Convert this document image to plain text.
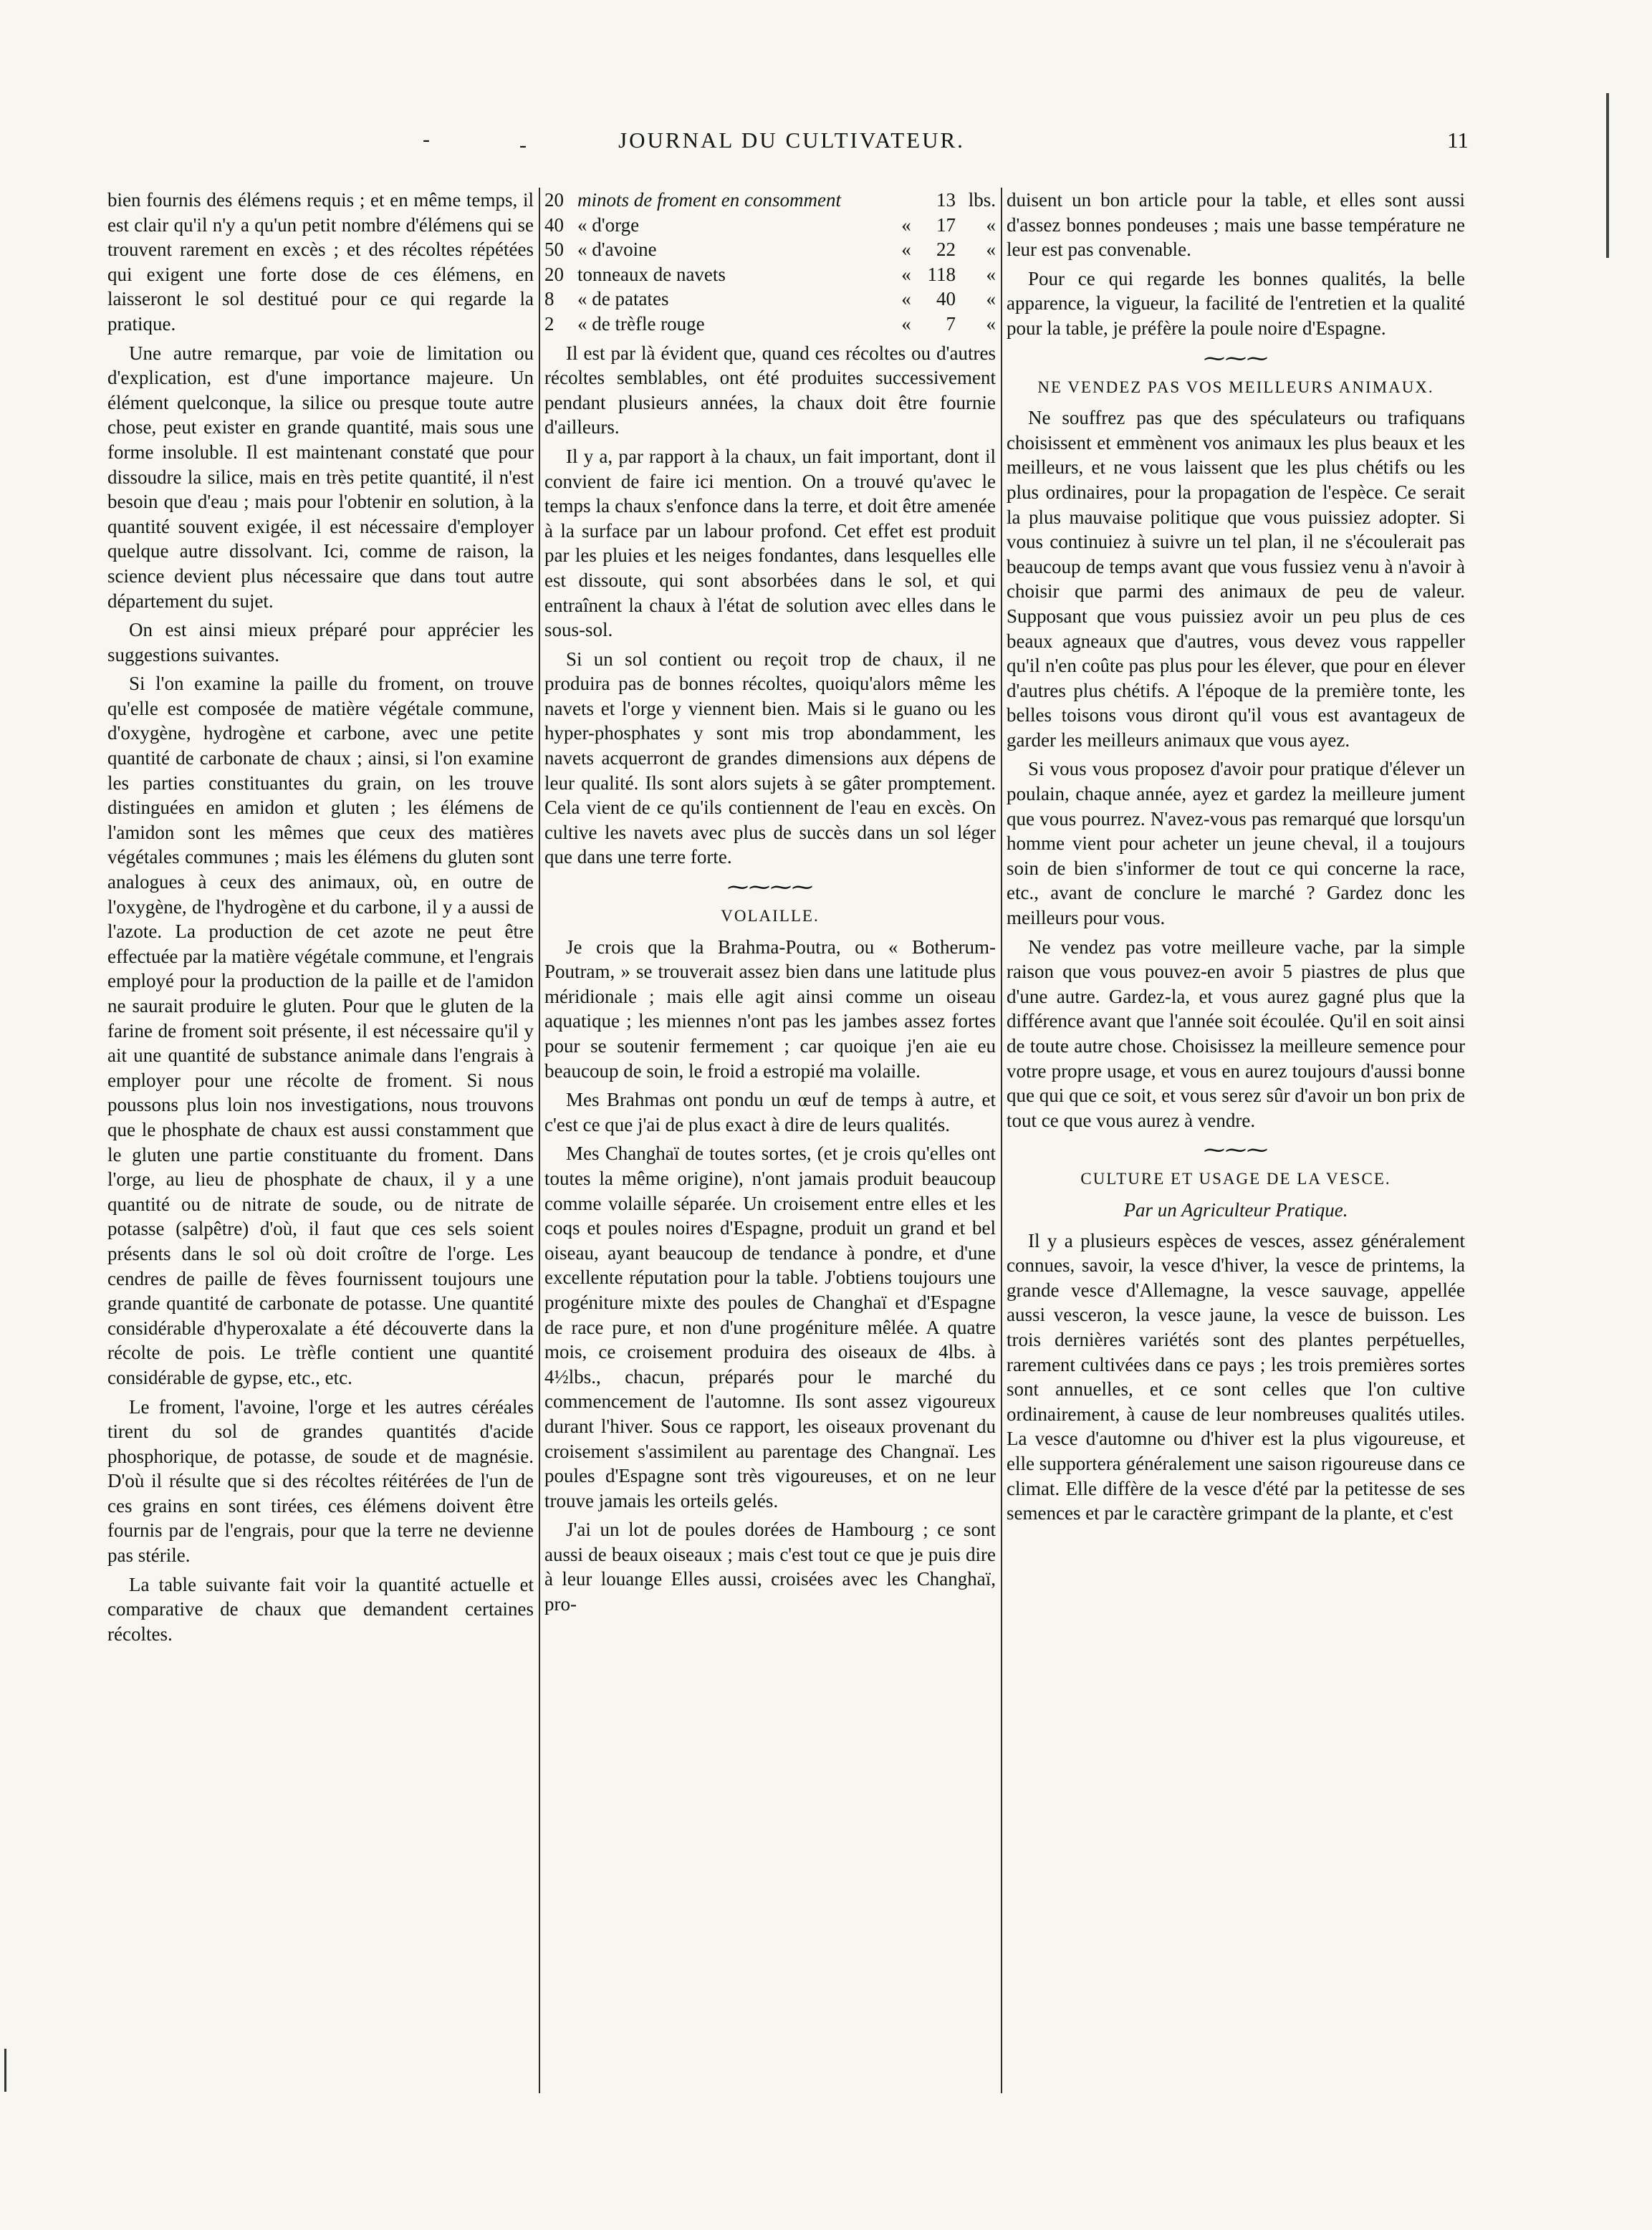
-	-	JOURNAL DU CULTIVATEUR.	11

bien fournis des élémens requis ; et en même temps, il est clair qu'il n'y a qu'un petit nombre d'élémens qui se trouvent rarement en excès ; et des récoltes répétées qui exigent une forte dose de ces élémens, en laisseront le sol destitué pour ce qui regarde la pratique.

Une autre remarque, par voie de limitation ou d'explication, est d'une importance majeure. Un élément quelconque, la silice ou presque toute autre chose, peut exister en grande quantité, mais sous une forme insoluble. Il est maintenant constaté que pour dissoudre la silice, mais en très petite quantité, il n'est besoin que d'eau ; mais pour l'obtenir en solution, à la quantité souvent exigée, il est nécessaire d'employer quelque autre dissolvant. Ici, comme de raison, la science devient plus nécessaire que dans tout autre département du sujet.

On est ainsi mieux préparé pour apprécier les suggestions suivantes.

Si l'on examine la paille du froment, on trouve qu'elle est composée de matière végétale commune, d'oxygène, hydrogène et carbone, avec une petite quantité de carbonate de chaux ; ainsi, si l'on examine les parties constituantes du grain, on les trouve distinguées en amidon et gluten ; les élémens de l'amidon sont les mêmes que ceux des matières végétales communes ; mais les élémens du gluten sont analogues à ceux des animaux, où, en outre de l'oxygène, de l'hydrogène et du carbone, il y a aussi de l'azote. La production de cet azote ne peut être effectuée par la matière végétale commune, et l'engrais employé pour la production de la paille et de l'amidon ne saurait produire le gluten. Pour que le gluten de la farine de froment soit présente, il est nécessaire qu'il y ait une quantité de substance animale dans l'engrais à employer pour une récolte de froment. Si nous poussons plus loin nos investigations, nous trouvons que le phosphate de chaux est aussi constamment que le gluten une partie constituante du froment. Dans l'orge, au lieu de phosphate de chaux, il y a une quantité ou de nitrate de soude, ou de nitrate de potasse (salpêtre) d'où, il faut que ces sels soient présents dans le sol où doit croître de l'orge. Les cendres de paille de fèves fournissent toujours une grande quantité de carbonate de potasse. Une quantité considérable d'hyperoxalate a été découverte dans la récolte de pois. Le trèfle contient une quantité considérable de gypse, etc., etc.

Le froment, l'avoine, l'orge et les autres céréales tirent du sol de grandes quantités d'acide phosphorique, de potasse, de soude et de magnésie. D'où il résulte que si des récoltes réitérées de l'un de ces grains en sont tirées, ces élémens doivent être fournis par de l'engrais, pour que la terre ne devienne pas stérile.

La table suivante fait voir la quantité actuelle et comparative de chaux que demandent certaines récoltes.

20	minots de froment en consomment		13	lbs.
40	« d'orge	«	17	«
50	« d'avoine	«	22	«
20	tonneaux de navets	«	118	«
8	« de patates	«	40	«
2	« de trèfle rouge	«	7	«

Il est par là évident que, quand ces récoltes ou d'autres récoltes semblables, ont été produites successivement pendant plusieurs années, la chaux doit être fournie d'ailleurs.

Il y a, par rapport à la chaux, un fait important, dont il convient de faire ici mention. On a trouvé qu'avec le temps la chaux s'enfonce dans la terre, et doit être amenée à la surface par un labour profond. Cet effet est produit par les pluies et les neiges fondantes, dans lesquelles elle est dissoute, qui sont absorbées dans le sol, et qui entraînent la chaux à l'état de solution avec elles dans le sous-sol.

Si un sol contient ou reçoit trop de chaux, il ne produira pas de bonnes récoltes, quoiqu'alors même les navets et l'orge y viennent bien. Mais si le guano ou les hyper-phosphates y sont mis trop abondamment, les navets acquerront de grandes dimensions aux dépens de leur qualité. Ils sont alors sujets à se gâter promptement. Cela vient de ce qu'ils contiennent de l'eau en excès. On cultive les navets avec plus de succès dans un sol léger que dans une terre forte.

⁓⁓⁓⁓
VOLAILLE.

Je crois que la Brahma-Poutra, ou « Botherum-Poutram, » se trouverait assez bien dans une latitude plus méridionale ; mais elle agit ainsi comme un oiseau aquatique ; les miennes n'ont pas les jambes assez fortes pour se soutenir fermement ; car quoique j'en aie eu beaucoup de soin, le froid a estropié ma volaille.

Mes Brahmas ont pondu un œuf de temps à autre, et c'est ce que j'ai de plus exact à dire de leurs qualités.

Mes Changhaï de toutes sortes, (et je crois qu'elles ont toutes la même origine), n'ont jamais produit beaucoup comme volaille séparée. Un croisement entre elles et les coqs et poules noires d'Espagne, produit un grand et bel oiseau, ayant beaucoup de tendance à pondre, et d'une excellente réputation pour la table. J'obtiens toujours une progéniture mixte des poules de Changhaï et d'Espagne de race pure, et non d'une progéniture mêlée. A quatre mois, ce croisement produira des oiseaux de 4lbs. à 4½lbs., chacun, préparés pour le marché du commencement de l'automne. Ils sont assez vigoureux durant l'hiver. Sous ce rapport, les oiseaux provenant du croisement s'assimilent au parentage des Changnaï. Les poules d'Espagne sont très vigoureuses, et on ne leur trouve jamais les orteils gelés.

J'ai un lot de poules dorées de Hambourg ; ce sont aussi de beaux oiseaux ; mais c'est tout ce que je puis dire à leur louange Elles aussi, croisées avec les Changhaï, pro-

duisent un bon article pour la table, et elles sont aussi d'assez bonnes pondeuses ; mais une basse température ne leur est pas convenable.

Pour ce qui regarde les bonnes qualités, la belle apparence, la vigueur, la facilité de l'entretien et la qualité pour la table, je préfère la poule noire d'Espagne.

⁓⁓⁓
NE VENDEZ PAS VOS MEILLEURS ANIMAUX.

Ne souffrez pas que des spéculateurs ou trafiquans choisissent et emmènent vos animaux les plus beaux et les meilleurs, et ne vous laissent que les plus chétifs ou les plus ordinaires, pour la propagation de l'espèce. Ce serait la plus mauvaise politique que vous puissiez adopter. Si vous continuiez à suivre un tel plan, il ne s'écoulerait pas beaucoup de temps avant que vous fussiez venu à n'avoir à choisir que parmi des animaux de peu de valeur. Supposant que vous puissiez avoir un peu plus de ces beaux agneaux que d'autres, vous devez vous rappeller qu'il n'en coûte pas plus pour les élever, que pour en élever d'autres plus chétifs. A l'époque de la première tonte, les belles toisons vous diront qu'il vous est avantageux de garder les meilleurs animaux que vous ayez.

Si vous vous proposez d'avoir pour pratique d'élever un poulain, chaque année, ayez et gardez la meilleure jument que vous pourrez. N'avez-vous pas remarqué que lorsqu'un homme vient pour acheter un jeune cheval, il a toujours soin de bien s'informer de tout ce qui concerne la race, etc., avant de conclure le marché ? Gardez donc les meilleurs pour vous.

Ne vendez pas votre meilleure vache, par la simple raison que vous pouvez-en avoir 5 piastres de plus que d'une autre. Gardez-la, et vous aurez gagné plus que la différence avant que l'année soit écoulée. Qu'il en soit ainsi de toute autre chose. Choisissez la meilleure semence pour votre propre usage, et vous en aurez toujours d'aussi bonne que qui que ce soit, et vous serez sûr d'avoir un bon prix de tout ce que vous aurez à vendre.

⁓⁓⁓
CULTURE ET USAGE DE LA VESCE.

Par un Agriculteur Pratique.

Il y a plusieurs espèces de vesces, assez généralement connues, savoir, la vesce d'hiver, la vesce de printems, la grande vesce d'Allemagne, la vesce sauvage, appellée aussi vesceron, la vesce jaune, la vesce de buisson. Les trois dernières variétés sont des plantes perpétuelles, rarement cultivées dans ce pays ; les trois premières sortes sont annuelles, et ce sont celles que l'on cultive ordinairement, à cause de leur nombreuses qualités utiles. La vesce d'automne ou d'hiver est la plus vigoureuse, et elle supportera généralement une saison rigoureuse dans ce climat. Elle diffère de la vesce d'été par la petitesse de ses semences et par le caractère grimpant de la plante, et c'est
